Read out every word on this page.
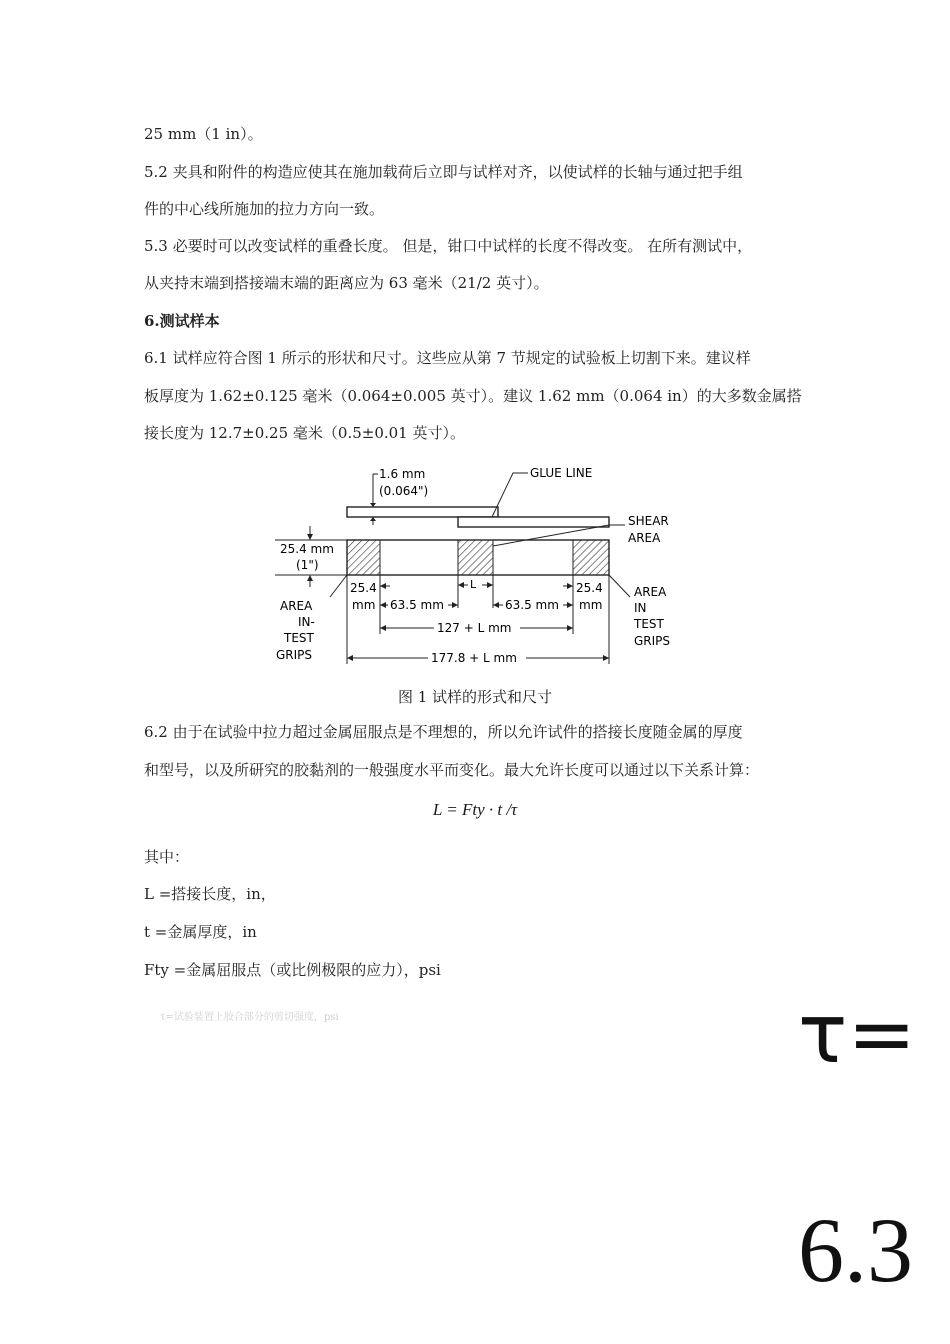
25 mm（1 in）。
5.2 夹具和附件的构造应使其在施加载荷后立即与试样对齐，以使试样的长轴与通过把手组
件的中心线所施加的拉力方向一致。
5.3 必要时可以改变试样的重叠长度。 但是，钳口中试样的长度不得改变。 在所有测试中，
从夹持末端到搭接端末端的距离应为 63 毫米（21/2 英寸）。
6.测试样本
6.1 试样应符合图 1 所示的形状和尺寸。这些应从第 7 节规定的试验板上切割下来。建议样
板厚度为 1.62±0.125 毫米（0.064±0.005 英寸）。建议 1.62 mm（0.064 in）的大多数金属搭
接长度为 12.7±0.25 毫米（0.5±0.01 英寸）。
1.6 mm
(0.064")
GLUE LINE
SHEAR
AREA
25.4 mm
(1")
L
25.4
mm
25.4
mm
63.5 mm	63.5 mm
127 + L mm
177.8 + L mm
AREA
IN-
TEST
GRIPS
AREA
IN
TEST
GRIPS
图 1 试样的形式和尺寸
6.2 由于在试验中拉力超过金属屈服点是不理想的，所以允许试件的搭接长度随金属的厚度
和型号，以及所研究的胶黏剂的一般强度水平而变化。最大允许长度可以通过以下关系计算：
L = Fty · t /τ
其中：
L =搭接长度，in，
t =金属厚度，in
Fty =金属屈服点（或比例极限的应力），psi
τ=试验装置上胶合部分的剪切强度，psi	τ=
6.3
